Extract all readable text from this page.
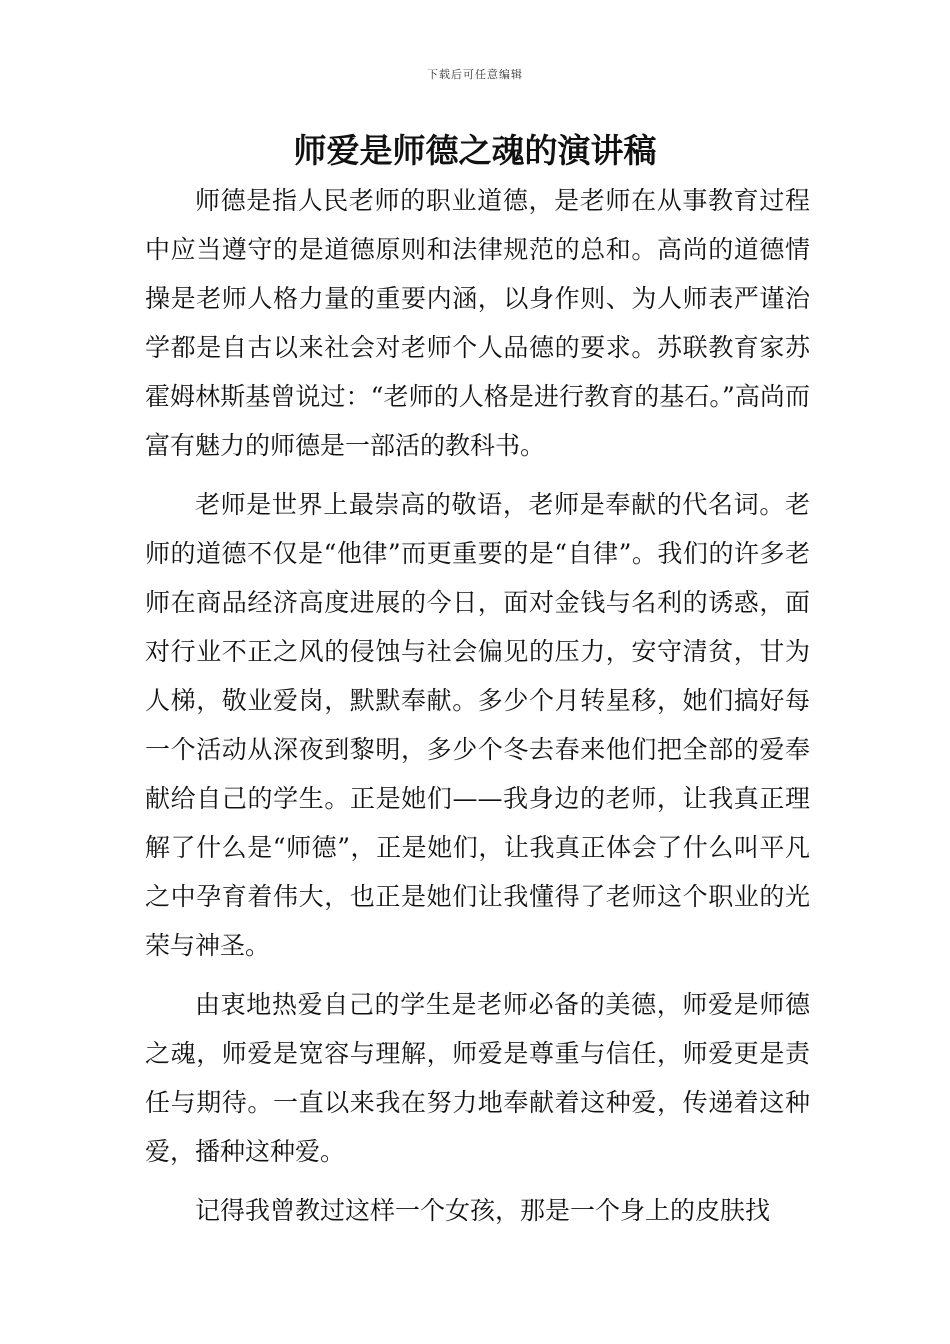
下载后可任意编辑
师爱是师德之魂的演讲稿

师德是指人民老师的职业道德，是老师在从事教育过程中应当遵守的是道德原则和法律规范的总和。高尚的道德情操是老师人格力量的重要内涵，以身作则、为人师表严谨治学都是自古以来社会对老师个人品德的要求。苏联教育家苏霍姆林斯基曾说过：“老师的人格是进行教育的基石。”高尚而富有魅力的师德是一部活的教科书。

老师是世界上最崇高的敬语，老师是奉献的代名词。老师的道德不仅是“他律”而更重要的是“自律”。我们的许多老师在商品经济高度进展的今日，面对金钱与名利的诱惑，面对行业不正之风的侵蚀与社会偏见的压力，安守清贫，甘为人梯，敬业爱岗，默默奉献。多少个月转星移，她们搞好每一个活动从深夜到黎明，多少个冬去春来他们把全部的爱奉献给自己的学生。正是她们——我身边的老师，让我真正理解了什么是“师德”，正是她们，让我真正体会了什么叫平凡之中孕育着伟大，也正是她们让我懂得了老师这个职业的光荣与神圣。

由衷地热爱自己的学生是老师必备的美德，师爱是师德之魂，师爱是宽容与理解，师爱是尊重与信任，师爱更是责任与期待。一直以来我在努力地奉献着这种爱，传递着这种爱，播种这种爱。

记得我曾教过这样一个女孩，那是一个身上的皮肤找
